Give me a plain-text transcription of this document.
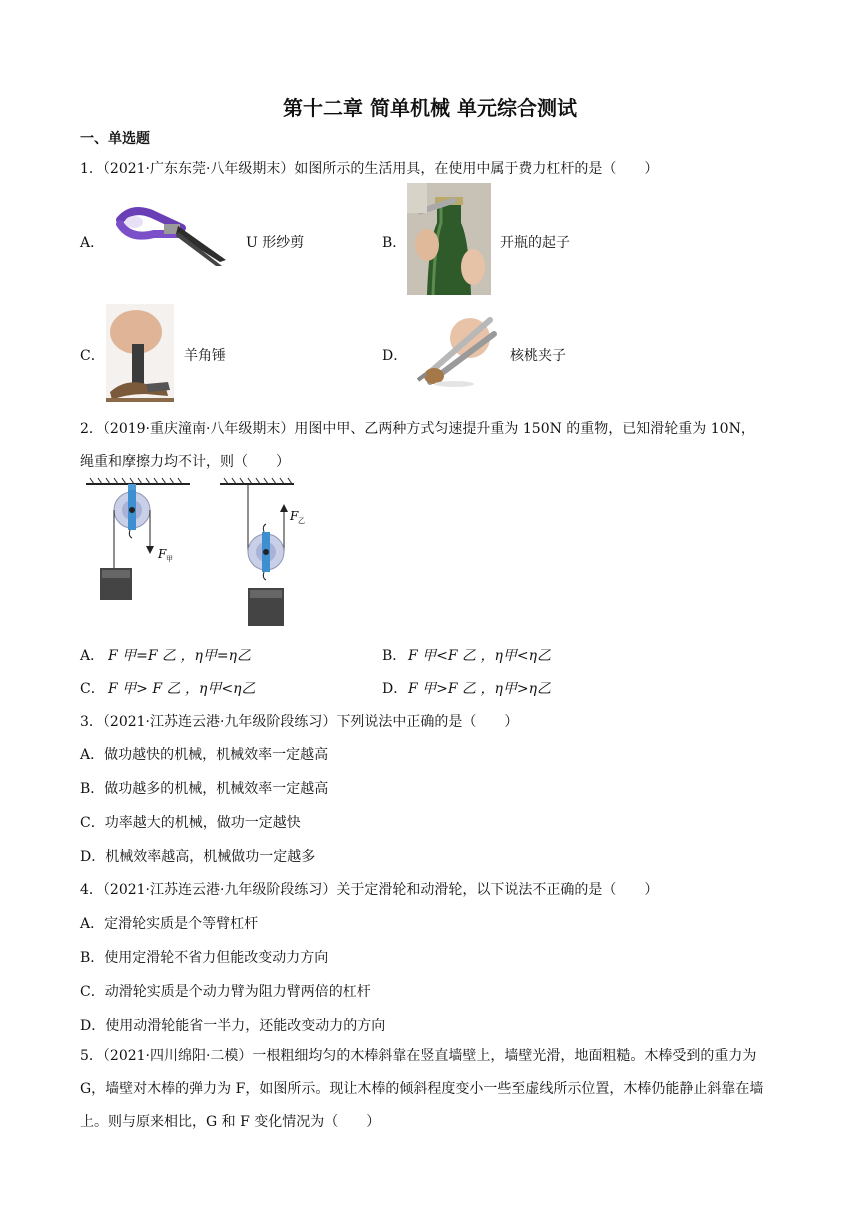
第十二章 简单机械 单元综合测试
一、单选题
1．（2021·广东东莞·八年级期末）如图所示的生活用具，在使用中属于费力杠杆的是（　　）
A．	U 形纱剪	B．	开瓶的起子
C．	羊角锤	D．	核桃夹子
2．（2019·重庆潼南·八年级期末）用图中甲、乙两种方式匀速提升重为 150N 的重物，已知滑轮重为 10N，
绳重和摩擦力均不计，则（　　）
F 甲
F 乙
A． F 甲=F 乙 ，η甲=η乙	B． F 甲<F 乙 ，η甲<η乙
C． F 甲> F 乙 ，η甲<η乙	D． F 甲>F 乙 ，η甲>η乙
3．（2021·江苏连云港·九年级阶段练习）下列说法中正确的是（　　）
A．做功越快的机械，机械效率一定越高
B．做功越多的机械，机械效率一定越高
C．功率越大的机械，做功一定越快
D．机械效率越高，机械做功一定越多
4．（2021·江苏连云港·九年级阶段练习）关于定滑轮和动滑轮，以下说法不正确的是（　　）
A．定滑轮实质是个等臂杠杆
B．使用定滑轮不省力但能改变动力方向
C．动滑轮实质是个动力臂为阻力臂两倍的杠杆
D．使用动滑轮能省一半力，还能改变动力的方向
5．（2021·四川绵阳·二模）一根粗细均匀的木棒斜靠在竖直墙壁上，墙壁光滑，地面粗糙。木棒受到的重力为 G，墙壁对木棒的弹力为 F，如图所示。现让木棒的倾斜程度变小一些至虚线所示位置，木棒仍能静止斜靠在墙上。则与原来相比，G 和 F 变化情况为（　　）
